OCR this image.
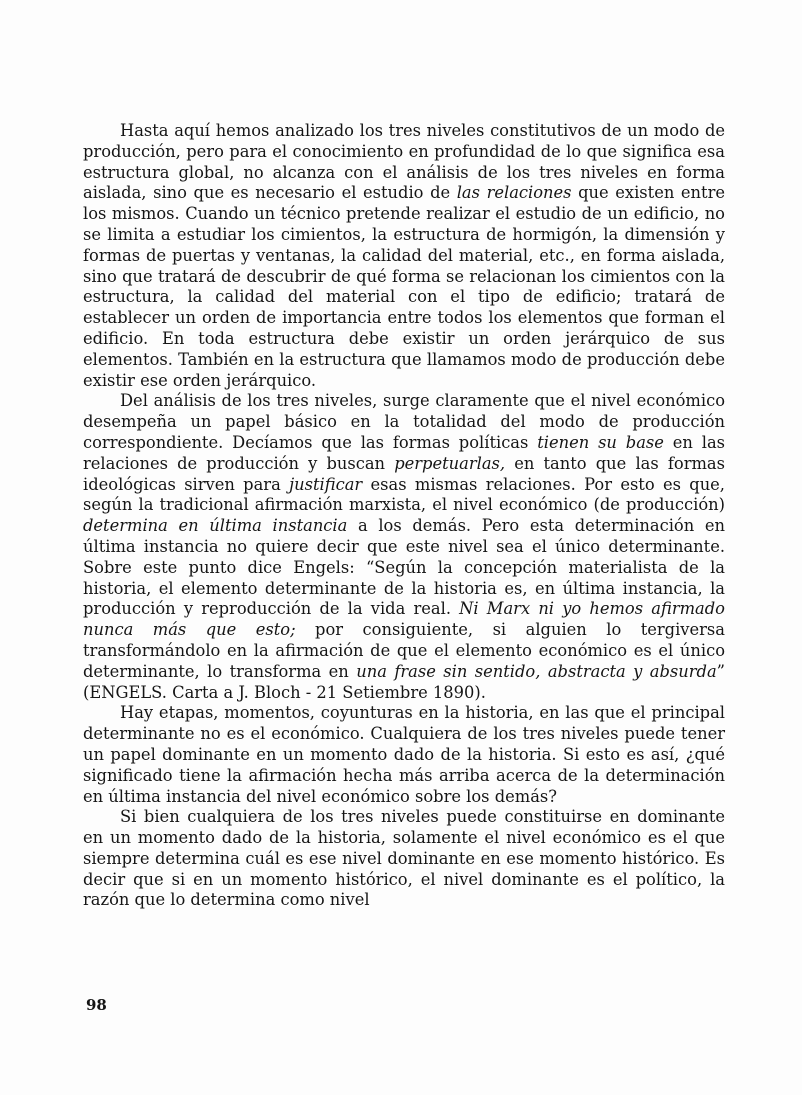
Hasta aquí hemos analizado los tres niveles constitutivos de un modo de producción, pero para el conocimiento en profundidad de lo que significa esa estructura global, no alcanza con el análisis de los tres niveles en forma aislada, sino que es necesario el estudio de las relaciones que existen entre los mismos. Cuando un técnico pretende realizar el estudio de un edificio, no se limita a estudiar los cimientos, la estructura de hormigón, la dimensión y formas de puertas y ventanas, la calidad del material, etc., en forma aislada, sino que tratará de descubrir de qué forma se relacionan los cimientos con la estructura, la calidad del material con el tipo de edificio; tratará de establecer un orden de importancia entre todos los elementos que forman el edificio. En toda estructura debe existir un orden jerárquico de sus elementos. También en la estructura que llamamos modo de producción debe existir ese orden jerárquico.

Del análisis de los tres niveles, surge claramente que el nivel económico desempeña un papel básico en la totalidad del modo de producción correspondiente. Decíamos que las formas políticas tienen su base en las relaciones de producción y buscan perpetuarlas, en tanto que las formas ideológicas sirven para justificar esas mismas relaciones. Por esto es que, según la tradicional afirmación marxista, el nivel económico (de producción) determina en última instancia a los demás. Pero esta determinación en última instancia no quiere decir que este nivel sea el único determinante. Sobre este punto dice Engels: “Según la concepción materialista de la historia, el elemento determinante de la historia es, en última instancia, la producción y reproducción de la vida real. Ni Marx ni yo hemos afirmado nunca más que esto; por consiguiente, si alguien lo tergiversa transformándolo en la afirmación de que el elemento económico es el único determinante, lo transforma en una frase sin sentido, abstracta y absurda” (ENGELS. Carta a J. Bloch - 21 Setiembre 1890).

Hay etapas, momentos, coyunturas en la historia, en las que el principal determinante no es el económico. Cualquiera de los tres niveles puede tener un papel dominante en un momento dado de la historia. Si esto es así, ¿qué significado tiene la afirmación hecha más arriba acerca de la determinación en última instancia del nivel económico sobre los demás?

Si bien cualquiera de los tres niveles puede constituirse en dominante en un momento dado de la historia, solamente el nivel económico es el que siempre determina cuál es ese nivel dominante en ese momento histórico. Es decir que si en un momento histórico, el nivel dominante es el político, la razón que lo determina como nivel

98
